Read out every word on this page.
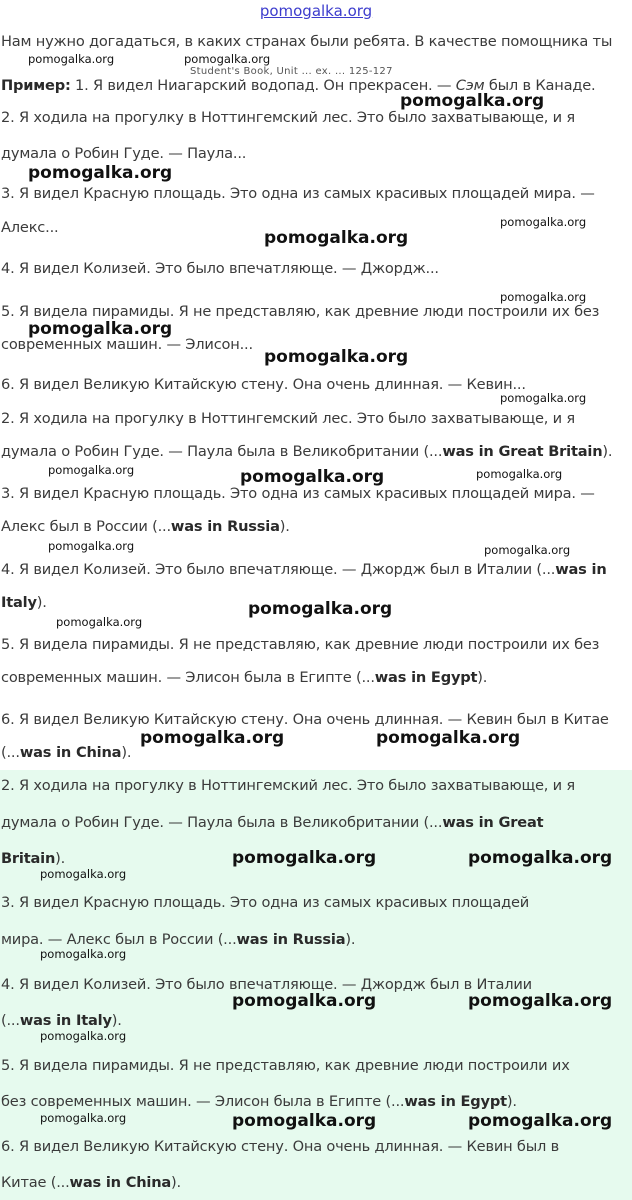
pomogalka.org
Student's Book, Unit ... ex. ... 125-127
Нам нужно догадаться, в каких странах были ребята. В качестве помощника ты
Пример: 1. Я видел Ниагарский водопад. Он прекрасен. — Сэм был в Канаде.
2. Я ходила на прогулку в Ноттингемский лес. Это было захватывающе, и я
думала о Робин Гуде. — Паула...
3. Я видел Красную площадь. Это одна из самых красивых площадей мира. —
Алекс...
4. Я видел Колизей. Это было впечатляюще. — Джордж...
5. Я видела пирамиды. Я не представляю, как древние люди построили их без
современных машин. — Элисон...
6. Я видел Великую Китайскую стену. Она очень длинная. — Кевин...
2. Я ходила на прогулку в Ноттингемский лес. Это было захватывающе, и я
думала о Робин Гуде. — Паула была в Великобритании (...was in Great Britain).
3. Я видел Красную площадь. Это одна из самых красивых площадей мира. —
Алекс был в России (...was in Russia).
4. Я видел Колизей. Это было впечатляюще. — Джордж был в Италии (...was in
Italy).
5. Я видела пирамиды. Я не представляю, как древние люди построили их без
современных машин. — Элисон была в Египте (...was in Egypt).
6. Я видел Великую Китайскую стену. Она очень длинная. — Кевин был в Китае
(...was in China).
2. Я ходила на прогулку в Ноттингемский лес. Это было захватывающе, и я
думала о Робин Гуде. — Паула была в Великобритании (...was in Great
Britain).
3. Я видел Красную площадь. Это одна из самых красивых площадей
мира. — Алекс был в России (...was in Russia).
4. Я видел Колизей. Это было впечатляюще. — Джордж был в Италии
(...was in Italy).
5. Я видела пирамиды. Я не представляю, как древние люди построили их
без современных машин. — Элисон была в Египте (...was in Egypt).
6. Я видел Великую Китайскую стену. Она очень длинная. — Кевин был в
Китае (...was in China).
pomogalka.org	pomogalka.org
pomogalka.org
pomogalka.org
pomogalka.org
pomogalka.org	pomogalka.org
pomogalka.org	pomogalka.org
pomogalka.org
pomogalka.org
pomogalka.org
pomogalka.org
pomogalka.org
pomogalka.org
pomogalka.org
pomogalka.org
pomogalka.org
pomogalka.org
pomogalka.org
pomogalka.org
pomogalka.org	pomogalka.org
pomogalka.org	pomogalka.org
pomogalka.org	pomogalka.org
pomogalka.org	pomogalka.org
